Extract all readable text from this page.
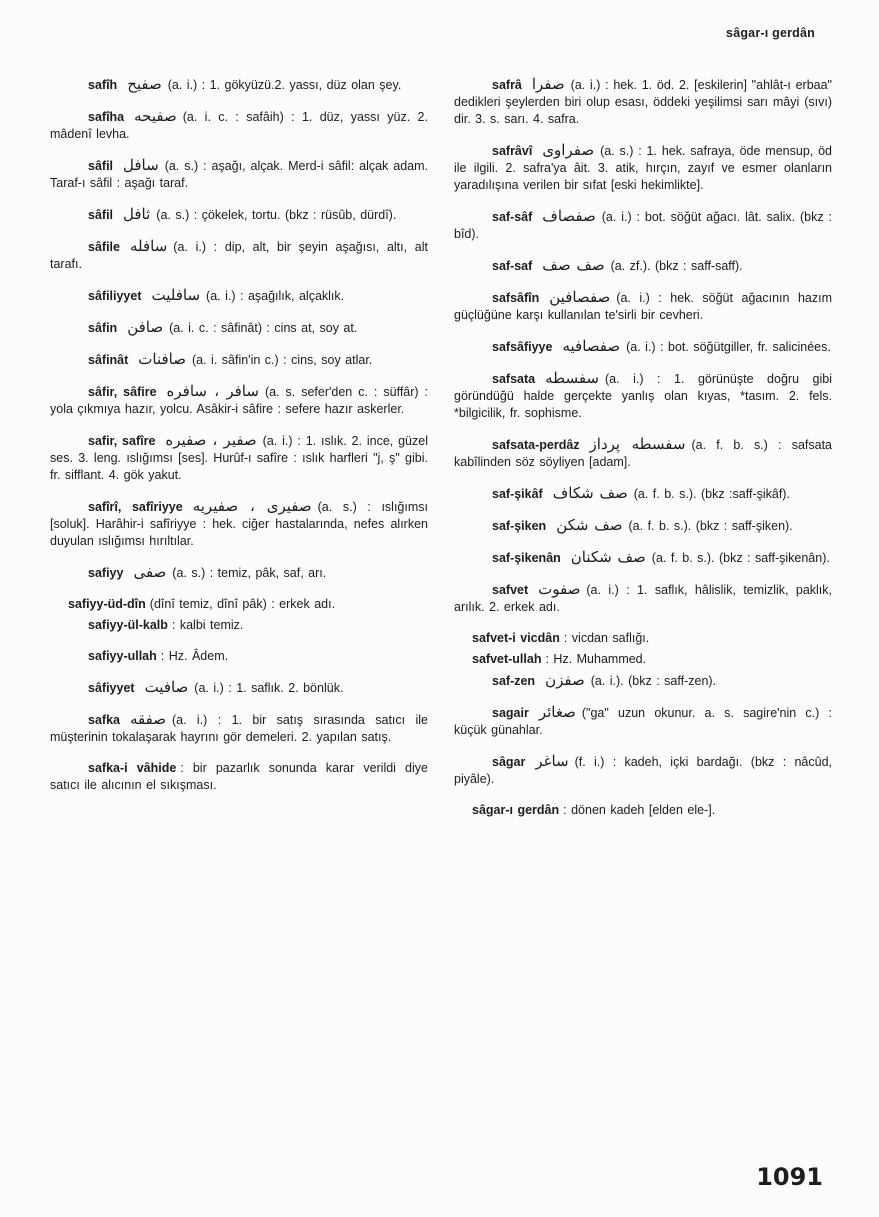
sâgar-ı gerdân
safîh صفيح (a. i.) : 1. gökyüzü.2. yassı, düz olan şey.
safîha صفيحه (a. i. c. : safâih) : 1. düz, yassı yüz. 2. mâdenî levha.
sâfil سافل (a. s.) : aşağı, alçak. Merd-i sâfil: alçak adam. Taraf-ı sâfil : aşağı taraf.
sâfil ثافل (a. s.) : çökelek, tortu. (bkz : rüsûb, dürdî).
sâfile سافله (a. i.) : dip, alt, bir şeyin aşağısı, altı, alt tarafı.
sâfiliyyet سافليت (a. i.) : aşağılık, alçaklık.
sâfin صافن (a. i. c. : sâfinât) : cins at, soy at.
sâfinât صافنات (a. i. sâfin'in c.) : cins, soy atlar.
sâfir, sâfire سافر ، سافره (a. s. sefer'den c. : süffâr) : yola çıkmıya hazır, yolcu. Asâkir-i sâfire : sefere hazır askerler.
safir, safîre صفير ، صفيره (a. i.) : 1. ıslık. 2. ince, güzel ses. 3. leng. ıslığımsı [ses]. Hurûf-ı safîre : ıslık harfleri "j, ş" gibi. fr. sifflant. 4. gök yakut.
safîrî, safîriyye صفيرى ، صفيريه (a. s.) : ıslığımsı [soluk]. Harâhir-i safîriyye : hek. ciğer hastalarında, nefes alırken duyulan ıslığımsı hırıltılar.
safiyy صفى (a. s.) : temiz, pâk, saf, arı.
safiyy-üd-dîn (dînî temiz, dînî pâk) : erkek adı.
safiyy-ül-kalb : kalbi temiz.
safiyy-ullah : Hz. Âdem.
sâfiyyet صافيت (a. i.) : 1. saflık. 2. bönlük.
safka صفقه (a. i.) : 1. bir satış sırasında satıcı ile müşterinin tokalaşarak hayrını gör demeleri. 2. yapılan satış.
safka-i vâhide : bir pazarlık sonunda karar verildi diye satıcı ile alıcının el sıkışması.
safrâ صفرا (a. i.) : hek. 1. öd. 2. [eskilerin] "ahlât-ı erbaa" dedikleri şeylerden biri olup esası, öddeki yeşilimsi sarı mâyi (sıvı) dir. 3. s. sarı. 4. safra.
safrâvî صفراوى (a. s.) : 1. hek. safraya, öde mensup, öd ile ilgili. 2. safra'ya âit. 3. atik, hırçın, zayıf ve esmer olanların yaradılışına verilen bir sıfat [eski hekimlikte].
saf-sâf صفصاف (a. i.) : bot. söğüt ağacı. lât. salix. (bkz : bîd).
saf-saf صف صف (a. zf.). (bkz : saff-saff).
safsâfîn صفصافين (a. i.) : hek. söğüt ağacının hazım güçlüğüne karşı kullanılan te'sirli bir cevheri.
safsâfiyye صفصافيه (a. i.) : bot. söğütgiller, fr. salicinées.
safsata سفسطه (a. i.) : 1. görünüşte doğru gibi göründüğü halde gerçekte yanlış olan kıyas, *tasım. 2. fels. *bilgicilik, fr. sophisme.
safsata-perdâz سفسطه پرداز (a. f. b. s.) : safsata kabîlinden söz söyliyen [adam].
saf-şikâf صف شكاف (a. f. b. s.). (bkz :saff-şikâf).
saf-şiken صف شكن (a. f. b. s.). (bkz : saff-şiken).
saf-şikenân صف شكنان (a. f. b. s.). (bkz : saff-şikenân).
safvet صفوت (a. i.) : 1. saflık, hâlislik, temizlik, paklık, arılık. 2. erkek adı.
safvet-i vicdân : vicdan saflığı.
safvet-ullah : Hz. Muhammed.
saf-zen صفزن (a. i.). (bkz : saff-zen).
sagair صغائر ("ga" uzun okunur. a. s. sagire'nin c.) : küçük günahlar.
sâgar ساغر (f. i.) : kadeh, içki bardağı. (bkz : nâcûd, piyâle).
sâgar-ı gerdân : dönen kadeh [elden ele-].
1091
